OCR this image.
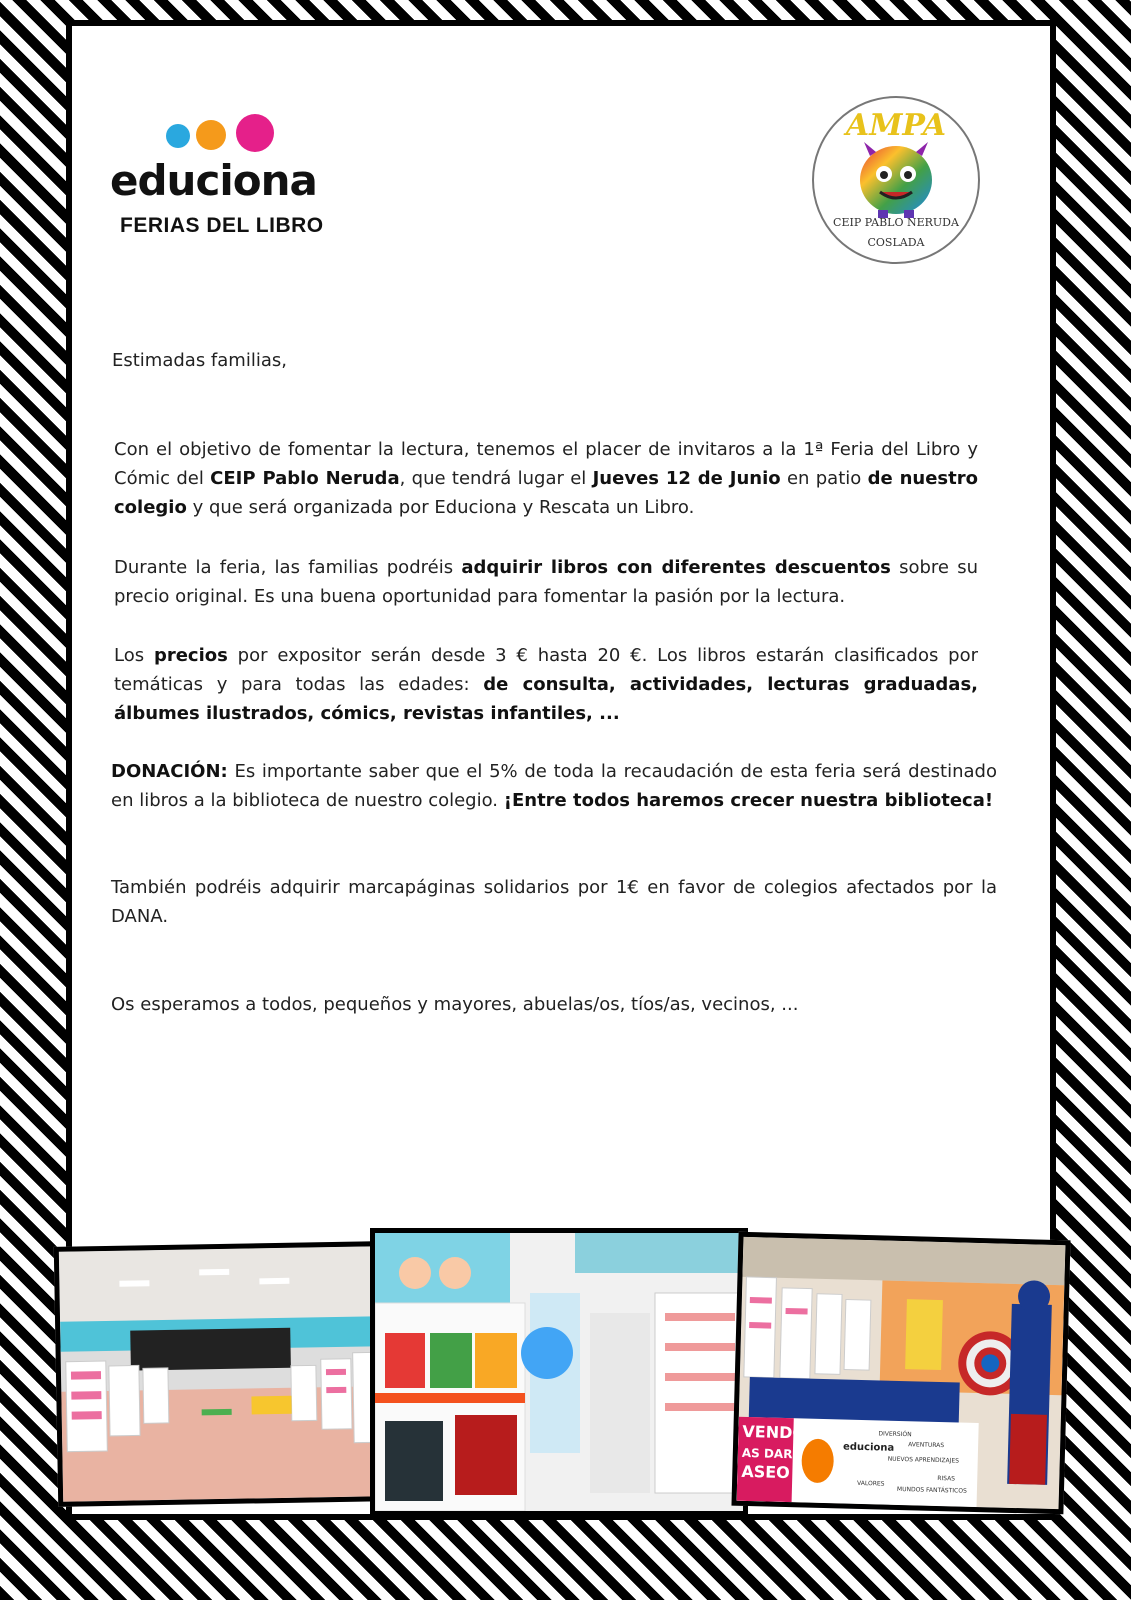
educiona
FERIAS DEL LIBRO
AMPA
CEIP PABLO NERUDA
COSLADA
Estimadas familias,
Con el objetivo de fomentar la lectura, tenemos el placer de invitaros a la 1ª Feria del Libro y Cómic del CEIP Pablo Neruda, que tendrá lugar el Jueves 12 de Junio en patio de nuestro colegio y que será organizada por Educiona y Rescata un Libro.
Durante la feria, las familias podréis adquirir libros con diferentes descuentos sobre su precio original. Es una buena oportunidad para fomentar la pasión por la lectura.
Los precios por expositor serán desde 3 € hasta 20 €. Los libros estarán clasificados por temáticas y para todas las edades: de consulta, actividades, lecturas graduadas, álbumes ilustrados, cómics, revistas infantiles, ...
DONACIÓN: Es importante saber que el 5% de toda la recaudación de esta feria será destinado en libros a la biblioteca de nuestro colegio. ¡Entre todos haremos crecer nuestra biblioteca!
También podréis adquirir marcapáginas solidarios por 1€ en favor de colegios afectados por la DANA.
Os esperamos a todos, pequeños y mayores, abuelas/os, tíos/as, vecinos, ...
VENDO
AS DAR
ASEO
educiona
DIVERSIÓN
AVENTURAS
NUEVOS APRENDIZAJES
VALORES
MUNDOS FANTÁSTICOS
RISAS
